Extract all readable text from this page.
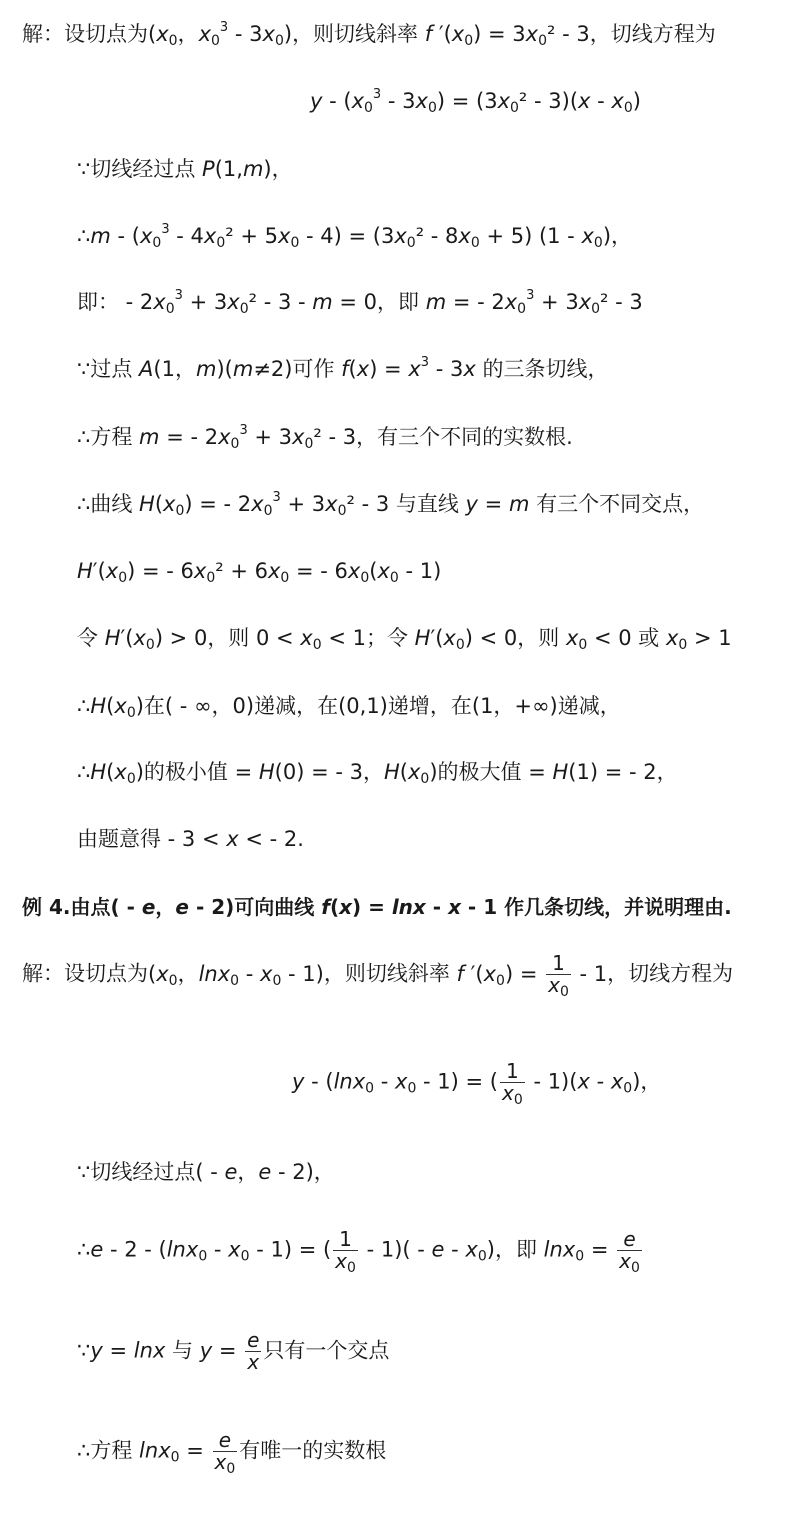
解：设切点为($x_0$，$x_0^3 - 3x_0$)，则切线斜率 f $'(x_0) = 3x_0^2 - 3$，切线方程为
$y - (x_0^3 - 3x_0) = (3x_0^2 - 3)(x - x_0)$
∵切线经过点 P(1,m)，
∴m - $(x_0^3 - 4x_0^2 + 5x_0 - 4) = (3x_0^2 - 8x_0 + 5)$ $(1 - x_0)$，
即： - $2x_0^3 + 3x_0^2 - 3 - m = 0$，即 m = - $2x_0^3 + 3x_0^2 - 3$
∵过点 A(1，m)(m≠2)可作 $f(x) = x^3 - 3x$ 的三条切线，
∴方程 m = - $2x_0^3 + 3x_0^2 - 3$，有三个不同的实数根.
∴曲线 $H(x_0)$ = - $2x_0^3 + 3x_0^2 - 3$ 与直线 y = m 有三个不同交点，
$H'(x_0)$ = - $6x_0^2 + 6x_0$ = - $6x_0(x_0 - 1)$
令 $H'(x_0) > 0$，则 $0 < x_0 < 1$；令 $H'(x_0) < 0$，则 $x_0 < 0$ 或 $x_0 > 1$
$\therefore H(x_0)$在( - ∞，0)递减，在(0,1)递增，在(1，+∞)递减，
$\therefore H(x_0)$的极小值 = H(0) = - 3，$H(x_0)$的极大值 = H(1) = - 2，
由题意得 - 3 < x < - 2.
例 4.由点( - e，e - 2)可向曲线 f(x) = lnx - x - 1 作几条切线，并说明理由.
解：设切点为($x_0$，$\ln x_0 - x_0 - 1$)，则切线斜率 f $'(x_0) = \frac{1}{x_0} - 1$，切线方程为
y - $(\ln x_0 - x_0 - 1)$ = ( $\frac{1}{x_0} - 1)(x - x_0)$，
∵切线经过点( - e，e - 2)，
∴e - $2 - (\ln x_0 - x_0 - 1)$ = ( $\frac{1}{x_0} - 1$)( - e - $x_0$)，即 $\ln x_0 = \frac{e}{x_0}$
∵y = lnx 与 $y = \frac{e}{x}$ 只有一个交点
∴方程 $\ln x_0 = \frac{e}{x_0}$ 有唯一的实数根
